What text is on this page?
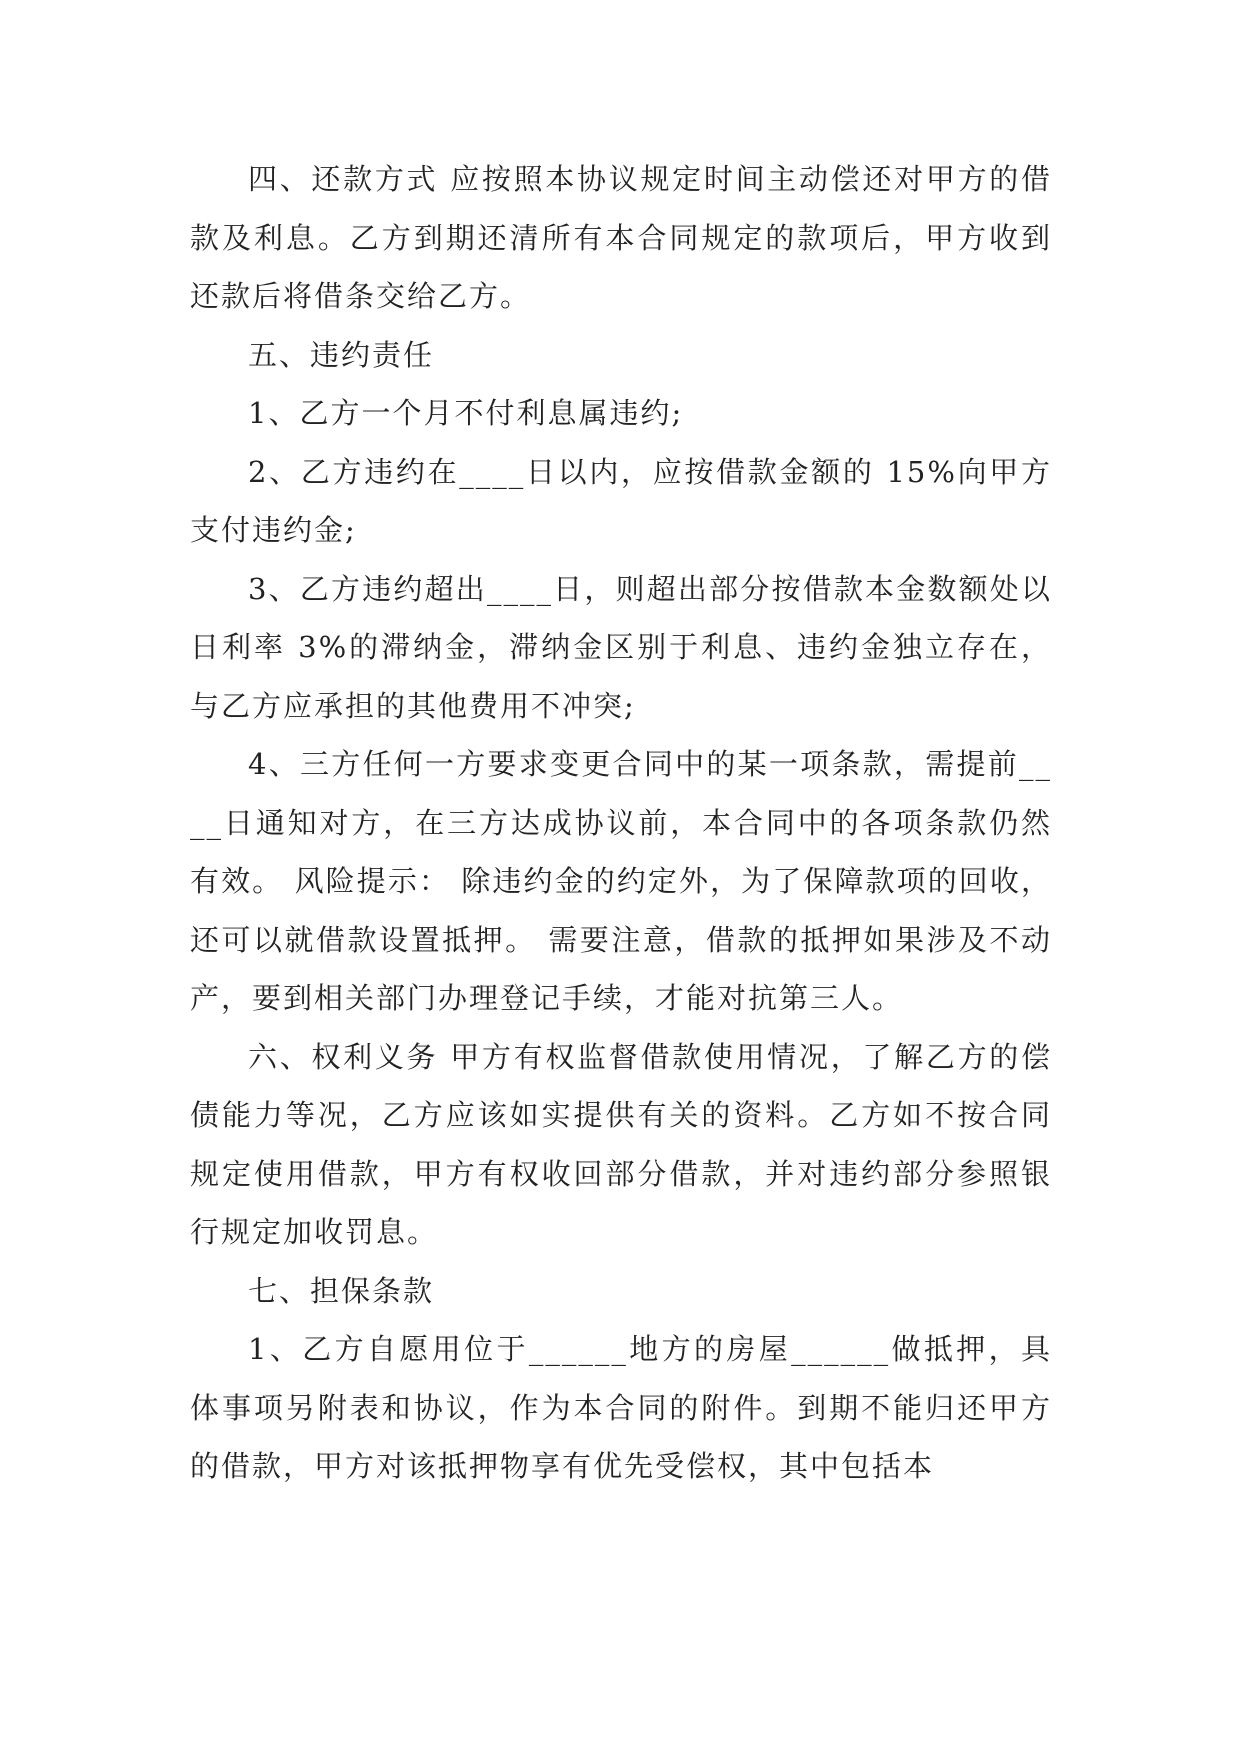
四、还款方式 应按照本协议规定时间主动偿还对甲方的借款及利息。乙方到期还清所有本合同规定的款项后，甲方收到还款后将借条交给乙方。

五、违约责任

1、乙方一个月不付利息属违约;

2、乙方违约在____日以内，应按借款金额的 15%向甲方支付违约金;

3、乙方违约超出____日，则超出部分按借款本金数额处以日利率 3%的滞纳金，滞纳金区别于利息、违约金独立存在，与乙方应承担的其他费用不冲突;

4、三方任何一方要求变更合同中的某一项条款，需提前____日通知对方，在三方达成协议前，本合同中的各项条款仍然有效。 风险提示： 除违约金的约定外，为了保障款项的回收，还可以就借款设置抵押。 需要注意，借款的抵押如果涉及不动产，要到相关部门办理登记手续，才能对抗第三人。

六、权利义务 甲方有权监督借款使用情况，了解乙方的偿债能力等况，乙方应该如实提供有关的资料。乙方如不按合同规定使用借款，甲方有权收回部分借款，并对违约部分参照银行规定加收罚息。

七、担保条款

1、乙方自愿用位于______地方的房屋______做抵押，具体事项另附表和协议，作为本合同的附件。到期不能归还甲方的借款，甲方对该抵押物享有优先受偿权，其中包括本
